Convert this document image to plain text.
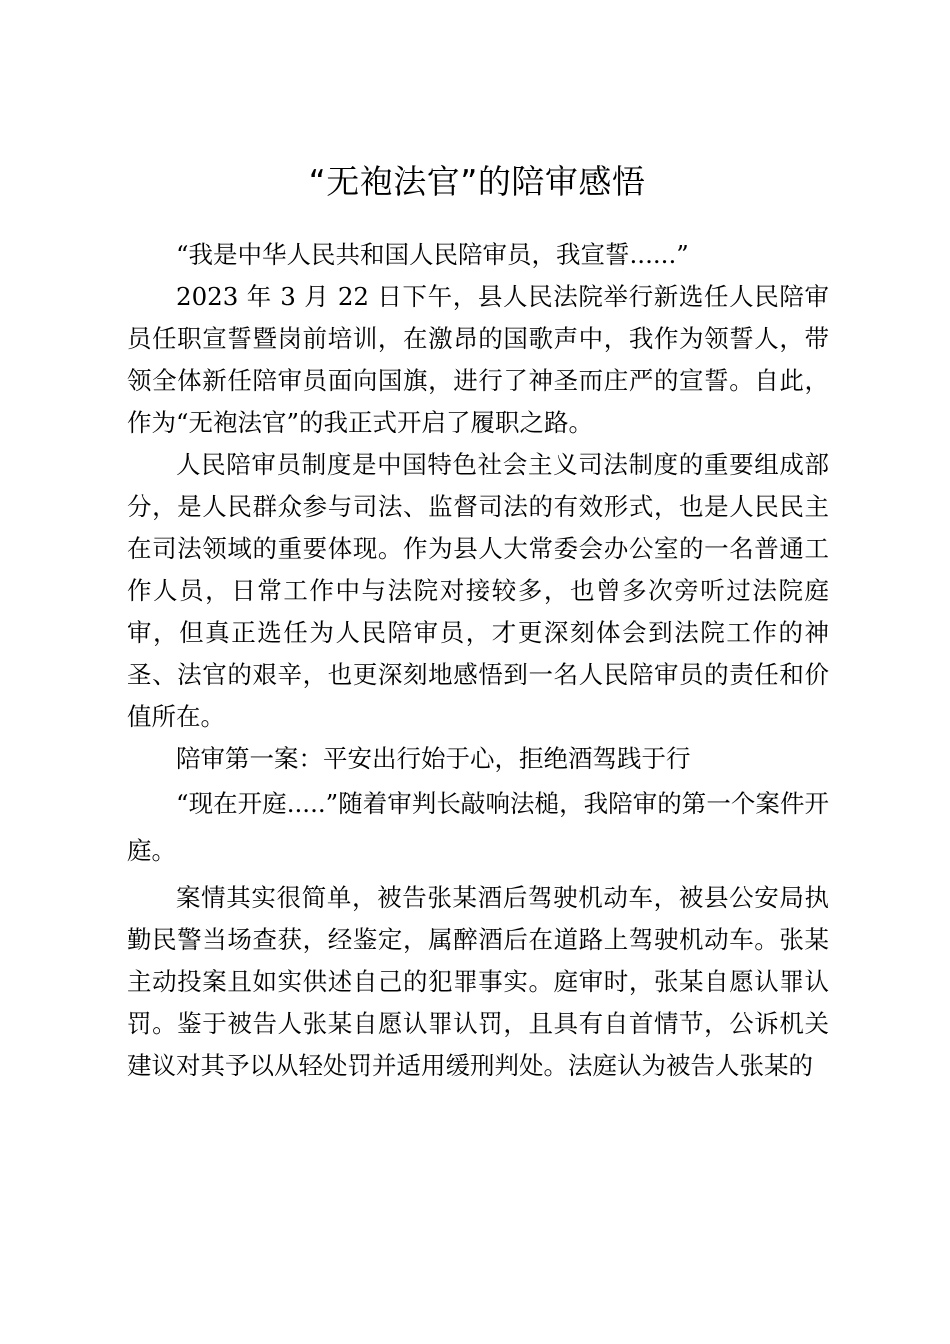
“无袍法官”的陪审感悟

“我是中华人民共和国人民陪审员，我宣誓......”

2023 年 3 月 22 日下午，县人民法院举行新选任人民陪审员任职宣誓暨岗前培训，在激昂的国歌声中，我作为领誓人，带领全体新任陪审员面向国旗，进行了神圣而庄严的宣誓。自此，作为“无袍法官”的我正式开启了履职之路。

人民陪审员制度是中国特色社会主义司法制度的重要组成部分，是人民群众参与司法、监督司法的有效形式，也是人民民主在司法领域的重要体现。作为县人大常委会办公室的一名普通工作人员，日常工作中与法院对接较多，也曾多次旁听过法院庭审，但真正选任为人民陪审员，才更深刻体会到法院工作的神圣、法官的艰辛，也更深刻地感悟到一名人民陪审员的责任和价值所在。

陪审第一案：平安出行始于心，拒绝酒驾践于行

“现在开庭.....”随着审判长敲响法槌，我陪审的第一个案件开庭。

案情其实很简单，被告张某酒后驾驶机动车，被县公安局执勤民警当场查获，经鉴定，属醉酒后在道路上驾驶机动车。张某主动投案且如实供述自己的犯罪事实。庭审时，张某自愿认罪认罚。鉴于被告人张某自愿认罪认罚，且具有自首情节，公诉机关建议对其予以从轻处罚并适用缓刑判处。法庭认为被告人张某的
